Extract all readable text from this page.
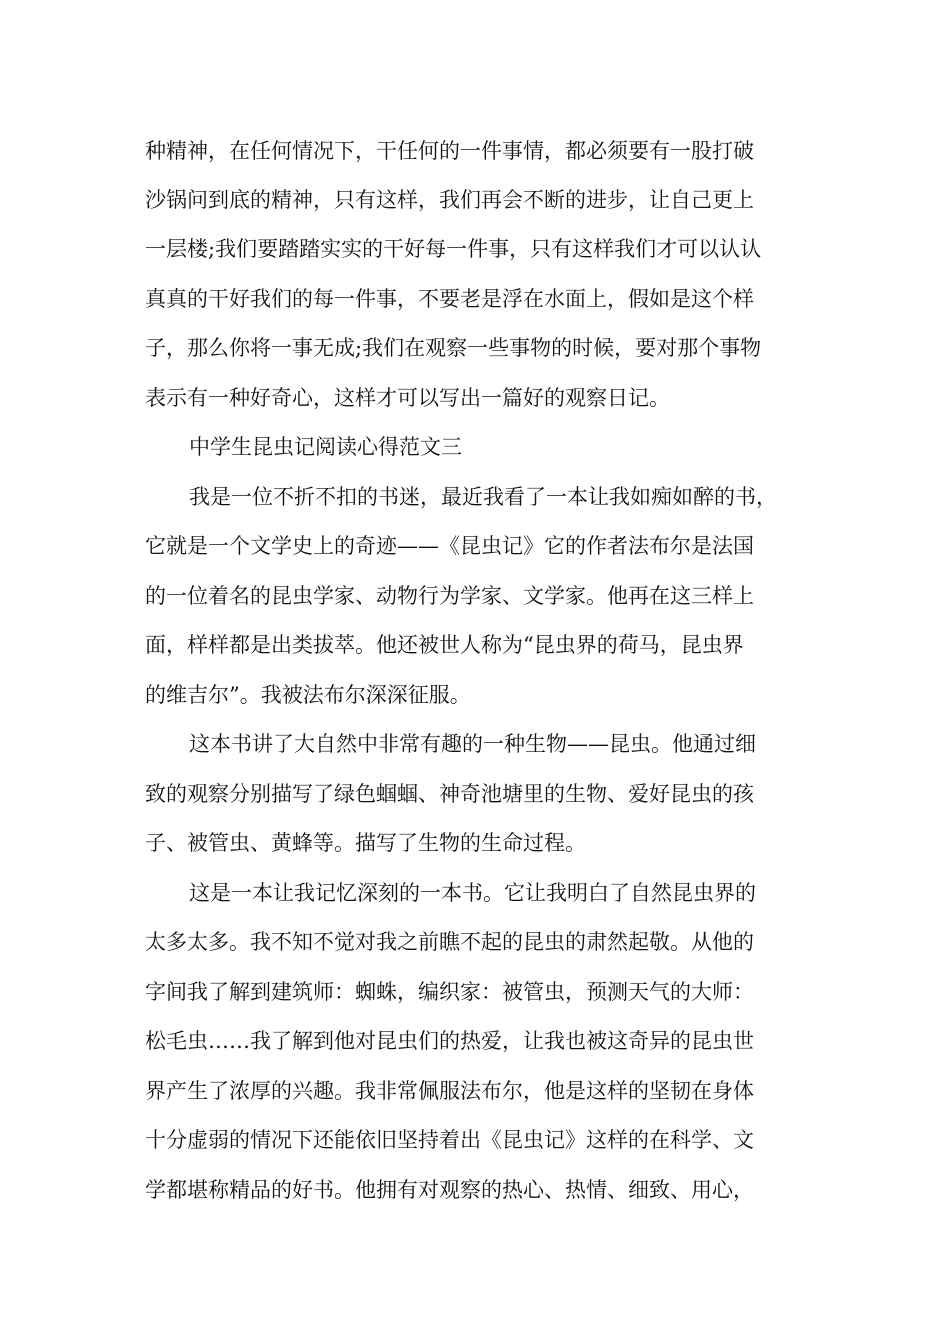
种精神，在任何情况下，干任何的一件事情，都必须要有一股打破
沙锅问到底的精神，只有这样，我们再会不断的进步，让自己更上
一层楼;我们要踏踏实实的干好每一件事，只有这样我们才可以认认
真真的干好我们的每一件事，不要老是浮在水面上，假如是这个样
子，那么你将一事无成;我们在观察一些事物的时候，要对那个事物
表示有一种好奇心，这样才可以写出一篇好的观察日记。
中学生昆虫记阅读心得范文三
我是一位不折不扣的书迷，最近我看了一本让我如痴如醉的书，
它就是一个文学史上的奇迹——《昆虫记》它的作者法布尔是法国
的一位着名的昆虫学家、动物行为学家、文学家。他再在这三样上
面，样样都是出类拔萃。他还被世人称为“昆虫界的荷马，昆虫界
的维吉尔”。我被法布尔深深征服。
这本书讲了大自然中非常有趣的一种生物——昆虫。他通过细
致的观察分别描写了绿色蝈蝈、神奇池塘里的生物、爱好昆虫的孩
子、被管虫、黄蜂等。描写了生物的生命过程。
这是一本让我记忆深刻的一本书。它让我明白了自然昆虫界的
太多太多。我不知不觉对我之前瞧不起的昆虫的肃然起敬。从他的
字间我了解到建筑师：蜘蛛，编织家：被管虫，预测天气的大师：
松毛虫……我了解到他对昆虫们的热爱，让我也被这奇异的昆虫世
界产生了浓厚的兴趣。我非常佩服法布尔，他是这样的坚韧在身体
十分虚弱的情况下还能依旧坚持着出《昆虫记》这样的在科学、文
学都堪称精品的好书。他拥有对观察的热心、热情、细致、用心，
